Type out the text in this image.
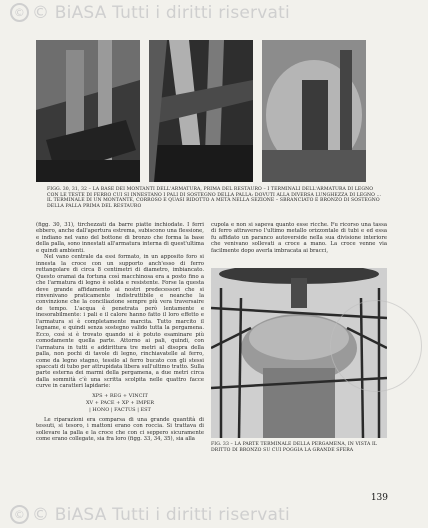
© © BiASA Tutti i diritti riservati
© © BiASA Tutti i diritti riservati
FIGG. 30, 31, 32 – LA BASE DEI MONTANTI DELL'ARMATURA, PRIMA DEL RESTAURO – I TERMINALI DELL'ARMATURA DI LEGNO CON LE TESTE DI FERRO CUI SI INNESTANO I PALI DI SOSTEGNO DELLA PALLA: DOVUTI ALLA DIVERSA LUNGHEZZA DI LEGNO ... IL TERMINALE DI UN MONTANTE, CORROSO E QUASI RIDOTTO A METÀ NELLA SEZIONE – SBRANCIATO E BRONZO DI SOSTEGNO DELLA PALLA PRIMA DEL RESTAURO

(figg. 30, 31), tirchezzati da barre piatte inchiodate. I ferri ebbero, anche dall'apertura estrema, subiscono una flessione, e indiano nel vano del bottone di bronzo che forma la base della palla, sono innestati all'armatura interna di quest'ultima e quindi ambienti.

Nel vano centrale da essi formato, in un apposito foro si innesta la croce con un supporto anch'esso di ferro rettangolare di circa 8 centimetri di diametro, imbiancato. Questo oramai da fortuna così macchinosa era a posto fino a che l'armatura di legno è solida e resistente. Forse la questa deve grande affidamento ai nostri predecessori che si rinvenivano praticamente indistruttibile e neanche la convinzione che la conciliazione sempre più vera traversaire de tempo. L'acqua è penetrata però lentamente e inesorabilmente: i pali e il calore hanno fatto il loro effetto e l'armatura si è completamente marcita. Tutto marcito il legname, e quindi senza sostegno valido tutta la pergamena. Ecco, così si è trovato quando si è potuto esaminare più comodamente quella parte. Attorno ai pali, quindi, con l'armatura in tutti e addirittura tre metri al disopra della palla, non pochi di tavole di legno, rinchiavatelle al ferro, come da legno stagno, tessilo al ferro bucato con gli stessi spaccati di tubo per attrupidata libera sull'ultimo tratto. Sulla parte esterna dei marmi della pergamena, a due metri circa dalla sommità c'è una scritta scolpita nelle quattro facce curve in caratteri lapidarie:

XPS + REG + VINCIT
XV + PACE + XP + IMPER
| HONO | FACTUS | EST

Le riparazioni era comparsa di una grande quantità di tessuti, si tesoro, i mattoni erano con roccia. Si trattava di sollevare la palla e la croce che con ci seppero sicuramente come erano collegate, sia fra loro (figg. 33, 34, 35), sia alla

cupola e non si sapeva quanto esse ricche. Fu ricorso una tassa di ferro attraverso l'ultimo metallo orizzontale di tubi e ed essa fu affidato un paranco autoverside nella sua divisione interiore che venivano sollevati a croce a mano. La croce venne via facilmente dopo averla imbracata ai bracci,

FIG. 33 – LA PARTE TERMINALE DELLA PERGAMENA, IN VISTA IL DRITTO DI BRONZO SU CUI POGGIA LA GRANDE SFERA
139
